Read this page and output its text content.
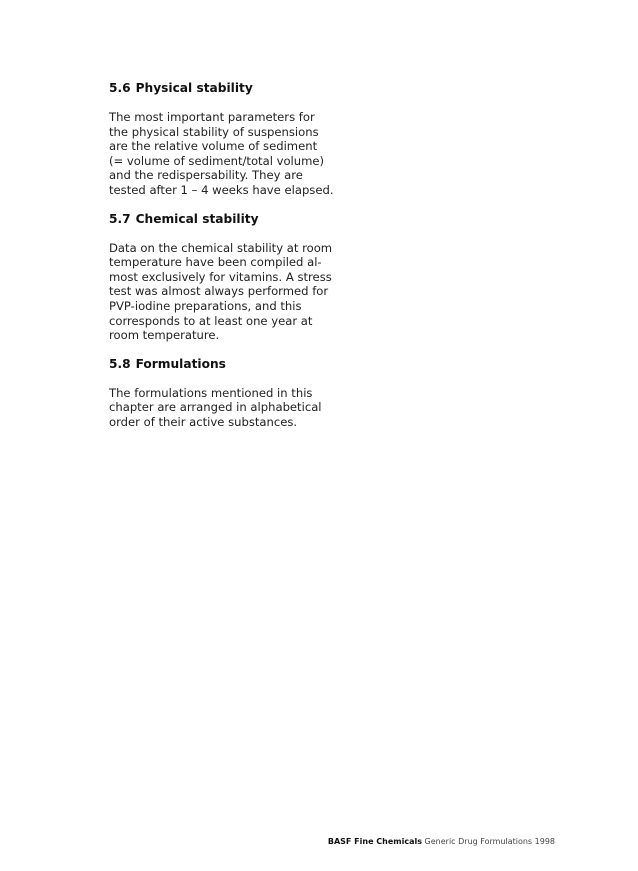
5.6 Physical stability
The most important parameters for
the physical stability of suspensions
are the relative volume of sediment
(= volume of sediment/total volume)
and the redispersability. They are
tested after 1 – 4 weeks have elapsed.
5.7 Chemical stability
Data on the chemical stability at room
temperature have been compiled al-
most exclusively for vitamins. A stress
test was almost always performed for
PVP-iodine preparations, and this
corresponds to at least one year at
room temperature.
5.8 Formulations
The formulations mentioned in this
chapter are arranged in alphabetical
order of their active substances.
BASF Fine Chemicals Generic Drug Formulations 1998
